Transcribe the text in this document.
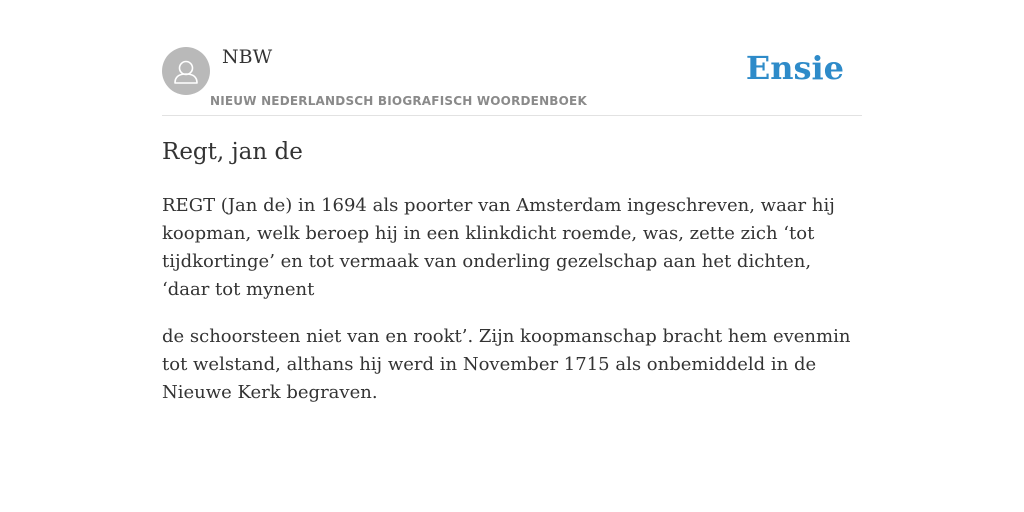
NBW
NIEUW NEDERLANDSCH BIOGRAFISCH WOORDENBOEK
Ensie
Regt, jan de

REGT (Jan de) in 1694 als poorter van Amsterdam ingeschreven, waar hij koopman, welk beroep hij in een klinkdicht roemde, was, zette zich ‘tot tijdkortinge’ en tot vermaak van onderling gezelschap aan het dichten, ‘daar tot mynent

de schoorsteen niet van en rookt’. Zijn koopmanschap bracht hem evenmin tot welstand, althans hij werd in November 1715 als onbemiddeld in de Nieuwe Kerk begraven.
